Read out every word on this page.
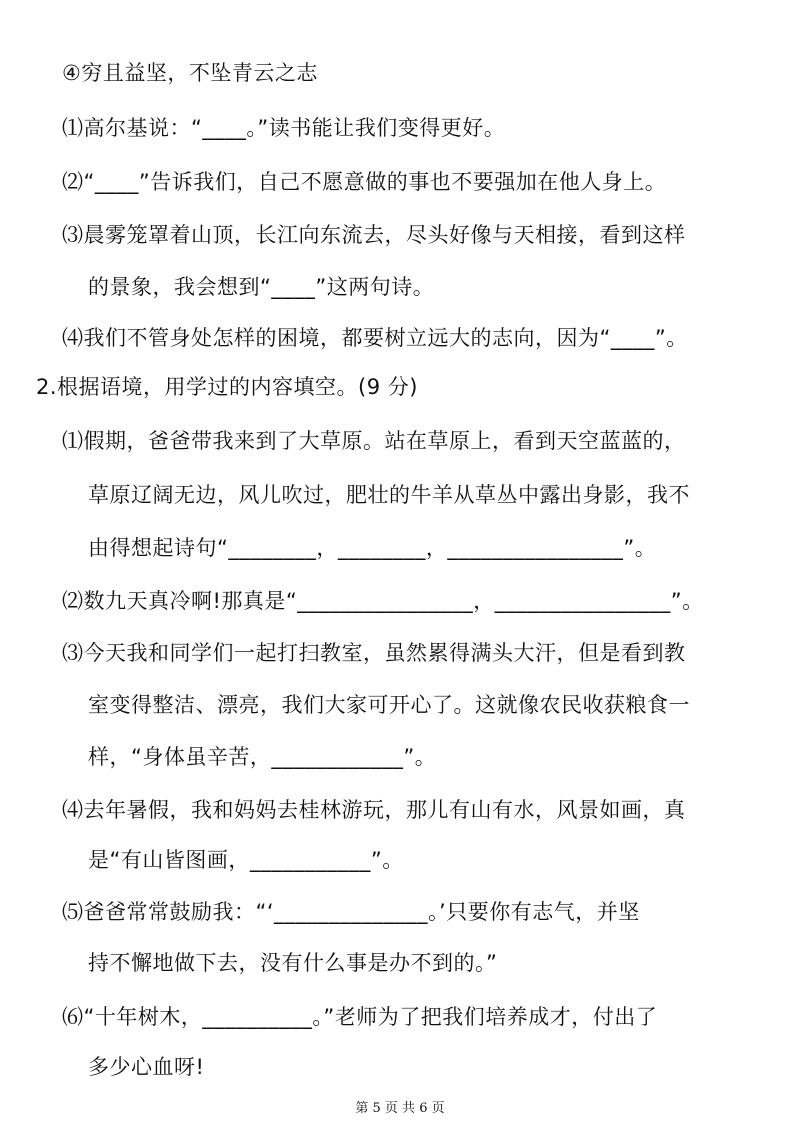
④穷且益坚，不坠青云之志
⑴高尔基说：“____。”读书能让我们变得更好。
⑵“____”告诉我们，自己不愿意做的事也不要强加在他人身上。
⑶晨雾笼罩着山顶，长江向东流去，尽头好像与天相接，看到这样
的景象，我会想到“____”这两句诗。
⑷我们不管身处怎样的困境，都要树立远大的志向，因为“____”。
2.根据语境，用学过的内容填空。(9 分)
⑴假期，爸爸带我来到了大草原。站在草原上，看到天空蓝蓝的，
草原辽阔无边，风儿吹过，肥壮的牛羊从草丛中露出身影，我不
由得想起诗句“________，________，________________”。
⑵数九天真冷啊!那真是“________________，________________”。
⑶今天我和同学们一起打扫教室，虽然累得满头大汗，但是看到教
室变得整洁、漂亮，我们大家可开心了。这就像农民收获粮食一
样，“身体虽辛苦，____________”。
⑷去年暑假，我和妈妈去桂林游玩，那儿有山有水，风景如画，真
是“有山皆图画，___________”。
⑸爸爸常常鼓励我：“‘______________。’只要你有志气，并坚
持不懈地做下去，没有什么事是办不到的。”
⑹“十年树木，__________。”老师为了把我们培养成才，付出了
多少心血呀!
第 5 页 共 6 页
